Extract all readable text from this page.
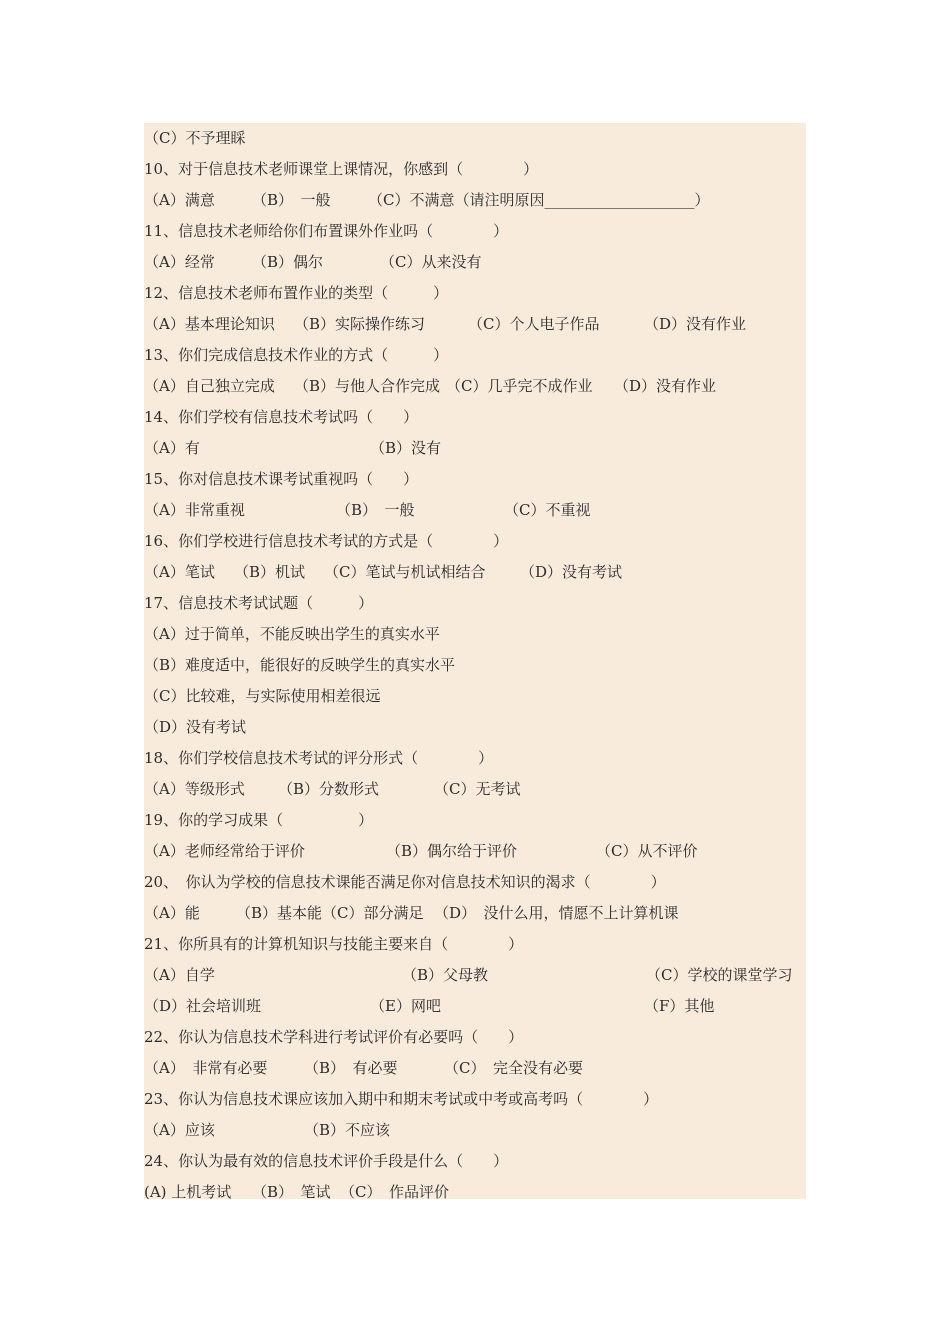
（C）不予理睬
10、对于信息技术老师课堂上课情况，你感到（　　　　）
（A）满意 （B）　一般 （C）不满意（请注明原因____________________）
11、信息技术老师给你们布置课外作业吗（　　　　）
（A）经常 （B）偶尔	（C）从来没有
12、信息技术老师布置作业的类型（　　　）
（A）基本理论知识 （B）实际操作练习	（C）个人电子作品	（D）没有作业
13、你们完成信息技术作业的方式（　　　）
（A）自己独立完成 （B）与他人合作完成 （C）几乎完不成作业 （D）没有作业
14、你们学校有信息技术考试吗（　　）
（A）有	（B）没有
15、你对信息技术课考试重视吗（　　）
（A）非常重视	（B）　一般	（C）不重视
16、你们学校进行信息技术考试的方式是（　　　　）
（A）笔试 （B）机试 （C）笔试与机试相结合 （D）没有考试
17、信息技术考试试题（　　　）
（A）过于简单，不能反映出学生的真实水平
（B）难度适中，能很好的反映学生的真实水平
（C）比较难，与实际使用相差很远
（D）没有考试
18、你们学校信息技术考试的评分形式（　　　　）
（A）等级形式 （B）分数形式	（C）无考试
19、你的学习成果（　　　　　）
（A）老师经常给于评价	（B）偶尔给于评价	（C）从不评价
20、　你认为学校的信息技术课能否满足你对信息技术知识的渴求（　　　　）
（A）能 （B）基本能 （C）部分满足 （D）　没什么用，情愿不上计算机课
21、你所具有的计算机知识与技能主要来自（　　　　）
（A）自学	（B）父母教	（C）学校的课堂学习
（D）社会培训班	（E）网吧	（F）其他
22、你认为信息技术学科进行考试评价有必要吗（　　）
（A）　非常有必要 （B）　有必要	（C）　完全没有必要
23、你认为信息技术课应该加入期中和期末考试或中考或高考吗（　　　　）
（A）应该	（B）不应该
24、你认为最有效的信息技术评价手段是什么（　　）
(A) 上机考试 （B）　笔试 （C）　作品评价
